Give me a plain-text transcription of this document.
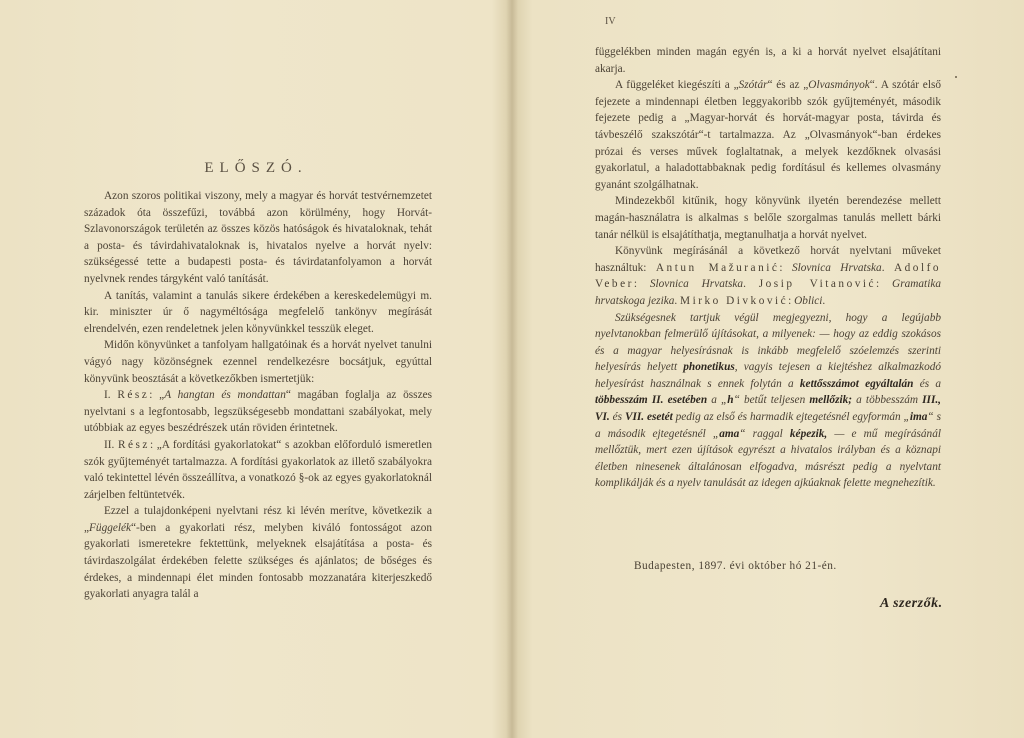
ELŐSZÓ.

Azon szoros politikai viszony, mely a magyar és horvát testvérnemzetet századok óta összefűzi, továbbá azon körülmény, hogy Horvát-Szlavonországok területén az összes közös hatóságok és hivataloknak, tehát a posta- és távirdahivataloknak is, hivatalos nyelve a horvát nyelv: szükségessé tette a budapesti posta- és távirdatanfolyamon a horvát nyelvnek rendes tárgyként való tanítását.

A tanítás, valamint a tanulás sikere érdekében a kereskedelemügyi m. kir. miniszter úr ő nagyméltósága megfelelő tankönyv megírását elrendelvén, ezen rendeletnek jelen könyvünkkel tesszük eleget.

Midőn könyvünket a tanfolyam hallgatóinak és a horvát nyelvet tanulni vágyó nagy közönségnek ezennel rendelkezésre bocsátjuk, egyúttal könyvünk beosztását a következőkben ismertetjük:

I. Rész: „A hangtan és mondattan“ magában foglalja az összes nyelvtani s a legfontosabb, legszükségesebb mondattani szabályokat, mely utóbbiak az egyes beszédrészek után röviden érintetnek.

II. Rész: „A fordítási gyakorlatokat“ s azokban előforduló ismeretlen szók gyűjteményét tartalmazza. A fordítási gyakorlatok az illető szabályokra való tekintettel lévén összeállítva, a vonatkozó §-ok az egyes gyakorlatoknál zárjelben feltüntetvék.

Ezzel a tulajdonképeni nyelvtani rész ki lévén merítve, következik a „Függelék“-ben a gyakorlati rész, melyben kiváló fontosságot azon gyakorlati ismeretekre fektettünk, melyeknek elsajátítása a posta- és távirdaszolgálat érdekében felette szükséges és ajánlatos; de bőséges és érdekes, a mindennapi élet minden fontosabb mozzanatára kiterjeszkedő gyakorlati anyagra talál a

IV

függelékben minden magán egyén is, a ki a horvát nyelvet elsajátítani akarja.

A függeléket kiegészíti a „Szótár“ és az „Olvasmányok“. A szótár első fejezete a mindennapi életben leggyakoribb szók gyűjteményét, második fejezete pedig a „Magyar-horvát és horvát-magyar posta, távirda és távbeszélő szakszótár“-t tartalmazza. Az „Olvasmányok“-ban érdekes prózai és verses művek foglaltatnak, a melyek kezdőknek olvasási gyakorlatul, a haladottabbaknak pedig fordításul és kellemes olvasmány gyanánt szolgálhatnak.

Mindezekből kitűnik, hogy könyvünk ilyetén berendezése mellett magán-használatra is alkalmas s belőle szorgalmas tanulás mellett bárki tanár nélkül is elsajátíthatja, megtanulhatja a horvát nyelvet.

Könyvünk megírásánál a következő horvát nyelvtani műveket használtuk: Antun Mažuranić: Slovnica Hrvatska. Adolfo Veber: Slovnica Hrvatska. Josip Vitanović: Gramatika hrvatskoga jezika. Mirko Divković: Oblici.

Szükségesnek tartjuk végül megjegyezni, hogy a legújabb nyelvtanokban felmerülő újításokat, a milyenek: — hogy az eddig szokásos és a magyar helyesírásnak is inkább megfelelő szóelemzés szerinti helyesírás helyett phonetikus, vagyis tejesen a kiejtéshez alkalmazkodó helyesírást használnak s ennek folytán a kettősszámot egyáltalán és a többesszám II. esetében a „h“ betűt teljesen mellőzik; a többesszám III., VI. és VII. esetét pedig az első és harmadik ejtegetésnél egyformán „ima“ s a második ejtegetésnél „ama“ raggal képezik, — e mű megírásánál mellőztük, mert ezen újítások egyrészt a hivatalos irályban és a köznapi életben ninesenek általánosan elfogadva, másrészt pedig a nyelvtant komplikálják és a nyelv tanulását az idegen ajkúaknak felette megnehezítik.

Budapesten, 1897. évi október hó 21-én.
A szerzők.
